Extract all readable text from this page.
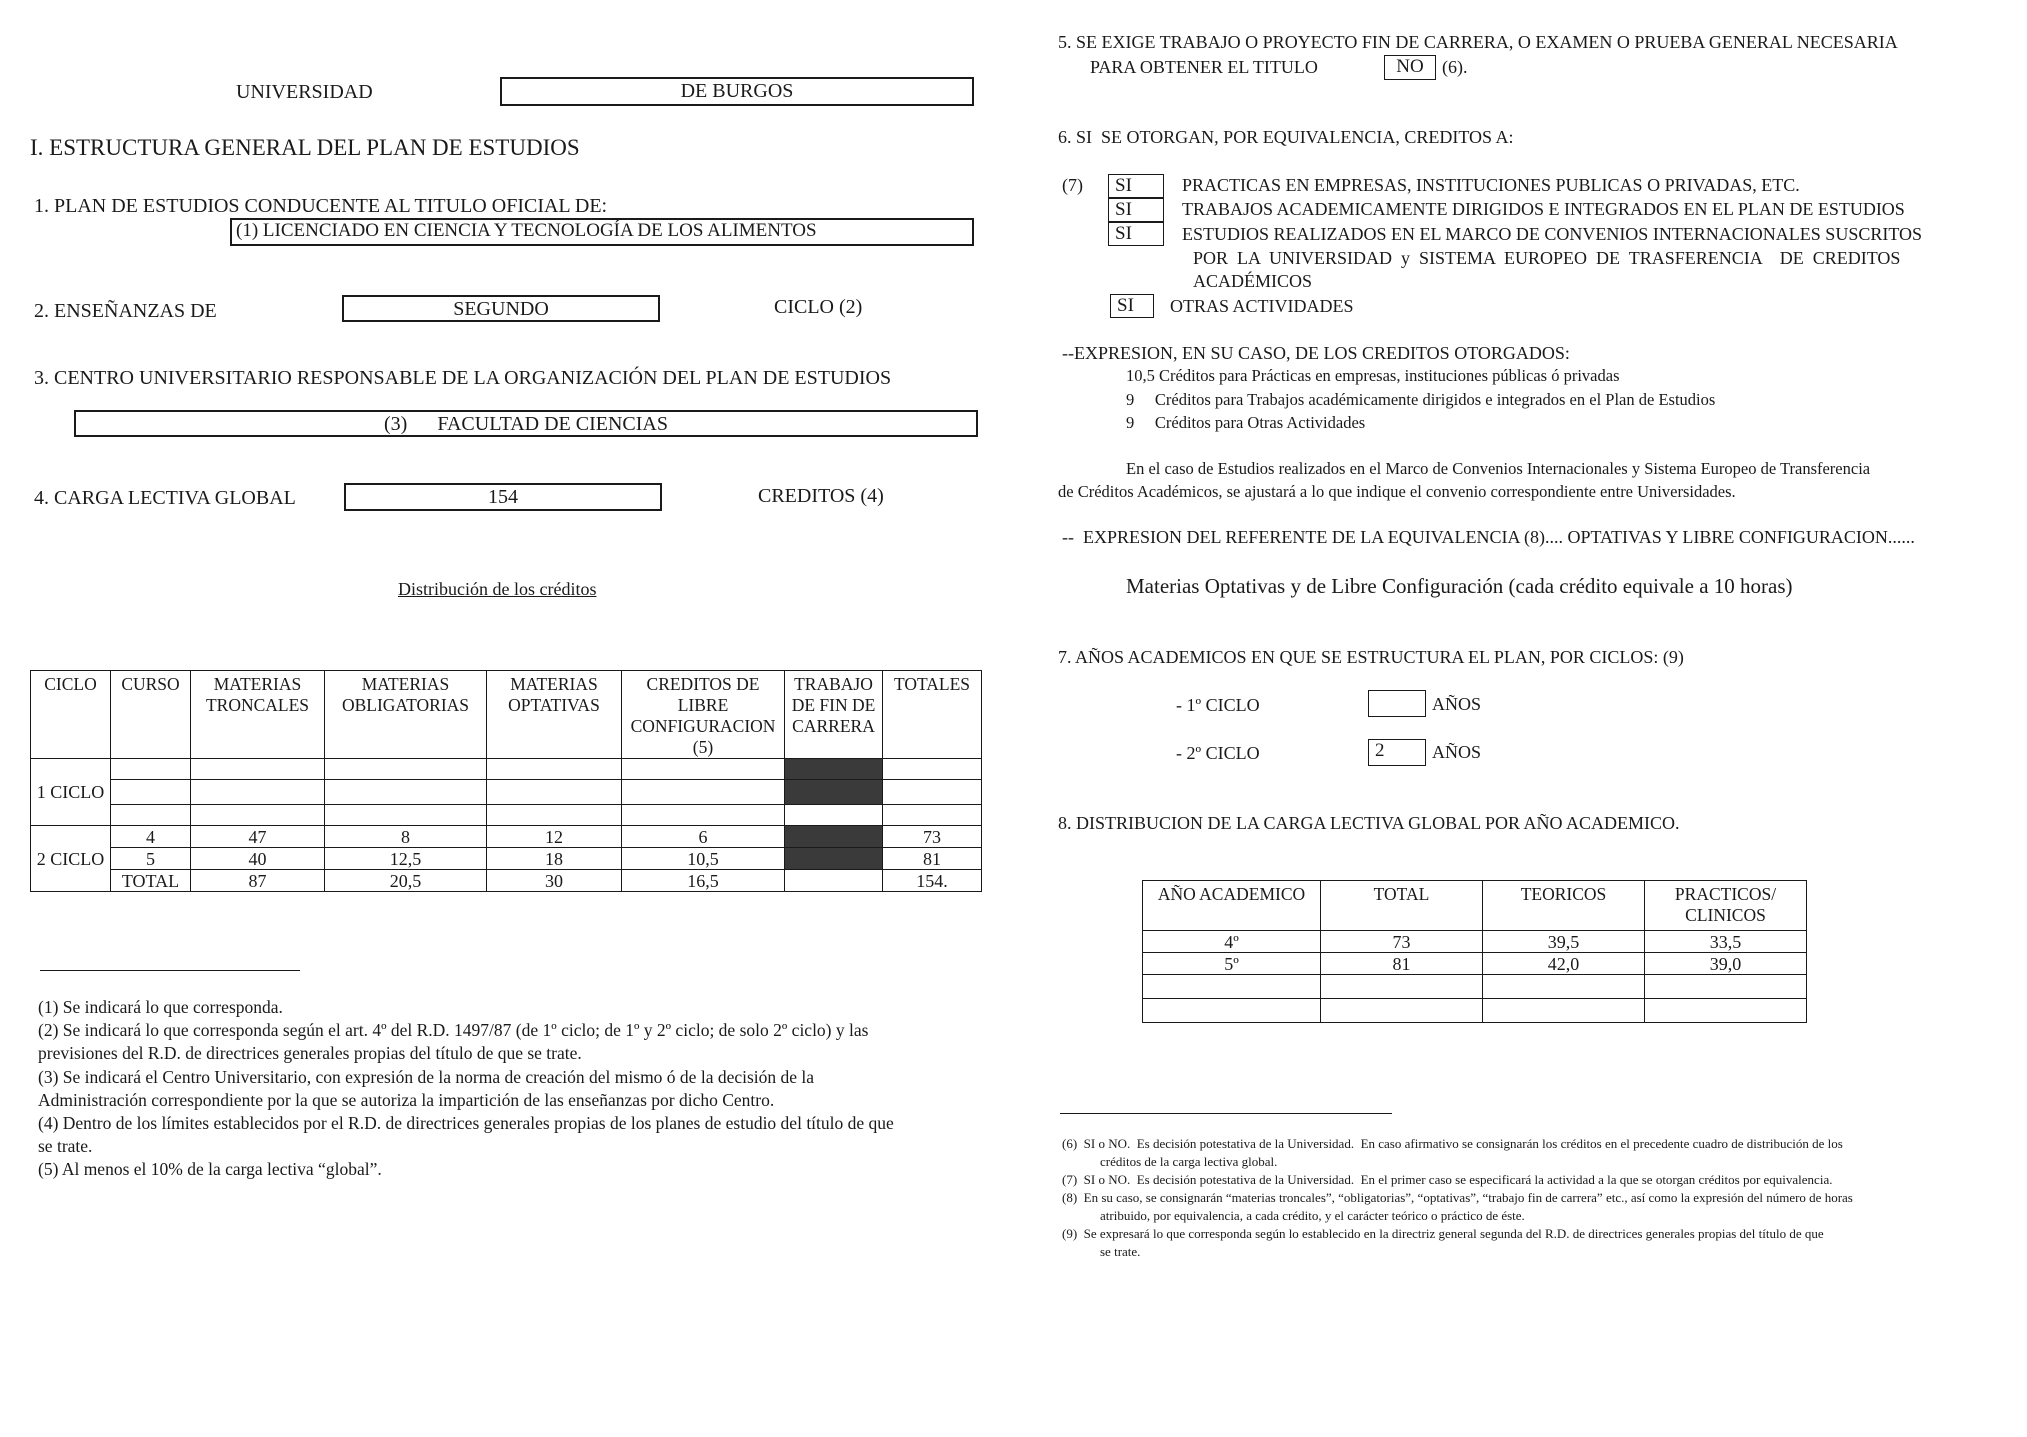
UNIVERSIDAD	DE BURGOS
I. ESTRUCTURA GENERAL DEL PLAN DE ESTUDIOS
1. PLAN DE ESTUDIOS CONDUCENTE AL TITULO OFICIAL DE:
(1) LICENCIADO EN CIENCIA Y TECNOLOGÍA DE LOS ALIMENTOS
2. ENSEÑANZAS DE	SEGUNDO	CICLO (2)
3. CENTRO UNIVERSITARIO RESPONSABLE DE LA ORGANIZACIÓN DEL PLAN DE ESTUDIOS
(3)      FACULTAD DE CIENCIAS
4. CARGA LECTIVA GLOBAL	154	CREDITOS (4)
Distribución de los créditos
CICLO	CURSO	MATERIAS TRONCALES	MATERIAS OBLIGATORIAS	MATERIAS OPTATIVAS	CREDITOS DE LIBRE CONFIGURACION (5)	TRABAJO DE FIN DE CARRERA	TOTALES
1 CICLO							

2 CICLO	4	47	8	12	6		73
	5	40	12,5	18	10,5		81
	TOTAL	87	20,5	30	16,5		154.
(1) Se indicará lo que corresponda.
(2) Se indicará lo que corresponda según el art. 4º del R.D. 1497/87 (de 1º ciclo; de 1º y 2º ciclo; de solo 2º ciclo) y las
previsiones del R.D. de directrices generales propias del título de que se trate.
(3) Se indicará el Centro Universitario, con expresión de la norma de creación del mismo ó de la decisión de la
Administración correspondiente por la que se autoriza la impartición de las enseñanzas por dicho Centro.
(4) Dentro de los límites establecidos por el R.D. de directrices generales propias de los planes de estudio del título de que
se trate.
(5) Al menos el 10% de la carga lectiva “global”.
5. SE EXIGE TRABAJO O PROYECTO FIN DE CARRERA, O EXAMEN O PRUEBA GENERAL NECESARIA
PARA OBTENER EL TITULO	NO	(6).
6. SI  SE OTORGAN, POR EQUIVALENCIA, CREDITOS A:
(7)	SI	PRACTICAS EN EMPRESAS, INSTITUCIONES PUBLICAS O PRIVADAS, ETC.
SI	TRABAJOS ACADEMICAMENTE DIRIGIDOS E INTEGRADOS EN EL PLAN DE ESTUDIOS
SI	ESTUDIOS REALIZADOS EN EL MARCO DE CONVENIOS INTERNACIONALES SUSCRITOS
POR  LA  UNIVERSIDAD  y  SISTEMA  EUROPEO  DE  TRASFERENCIA    DE  CREDITOS
ACADÉMICOS
SI	OTRAS ACTIVIDADES
--EXPRESION, EN SU CASO, DE LOS CREDITOS OTORGADOS:
10,5 Créditos para Prácticas en empresas, instituciones públicas ó privadas
9     Créditos para Trabajos académicamente dirigidos e integrados en el Plan de Estudios
9     Créditos para Otras Actividades
En el caso de Estudios realizados en el Marco de Convenios Internacionales y Sistema Europeo de Transferencia
de Créditos Académicos, se ajustará a lo que indique el convenio correspondiente entre Universidades.
--  EXPRESION DEL REFERENTE DE LA EQUIVALENCIA (8).... OPTATIVAS Y LIBRE CONFIGURACION......
Materias Optativas y de Libre Configuración (cada crédito equivale a 10 horas)
7. AÑOS ACADEMICOS EN QUE SE ESTRUCTURA EL PLAN, POR CICLOS: (9)
- 1º CICLO	AÑOS
- 2º CICLO	2	AÑOS
8. DISTRIBUCION DE LA CARGA LECTIVA GLOBAL POR AÑO ACADEMICO.
AÑO ACADEMICO	TOTAL	TEORICOS	PRACTICOS/ CLINICOS
4º	73	39,5	33,5
5º	81	42,0	39,0

(6)  SI o NO.  Es decisión potestativa de la Universidad.  En caso afirmativo se consignarán los créditos en el precedente cuadro de distribución de los
créditos de la carga lectiva global.
(7)  SI o NO.  Es decisión potestativa de la Universidad.  En el primer caso se especificará la actividad a la que se otorgan créditos por equivalencia.
(8)  En su caso, se consignarán “materias troncales”, “obligatorias”, “optativas”, “trabajo fin de carrera” etc., así como la expresión del número de horas
atribuido, por equivalencia, a cada crédito, y el carácter teórico o práctico de éste.
(9)  Se expresará lo que corresponda según lo establecido en la directriz general segunda del R.D. de directrices generales propias del título de que
se trate.
